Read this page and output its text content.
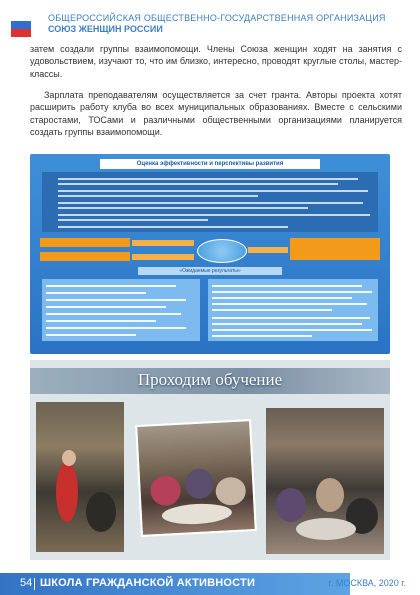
ОБЩЕРОССИЙСКАЯ ОБЩЕСТВЕННО-ГОСУДАРСТВЕННАЯ ОРГАНИЗАЦИЯ
СОЮЗ ЖЕНЩИН РОССИИ

затем создали группы взаимопомощи. Члены Союза женщин ходят на занятия с удовольствием, изучают то, что им близко, интересно, проводят круглые столы, мастер-классы.

Зарплата преподавателям осуществляется за счет гранта. Авторы проекта хотят расширить работу клуба во всех муниципальных образованиях. Вместе с сельскими старостами, ТОСами и различными общественными организациями планируется создать группы взаимопомощи.

Оценка эффективности и перспективы развития
«Ожидаемые результаты»
Проходим обучение
54 ШКОЛА ГРАЖДАНСКОЙ АКТИВНОСТИ	г. МОСКВА, 2020 г.
